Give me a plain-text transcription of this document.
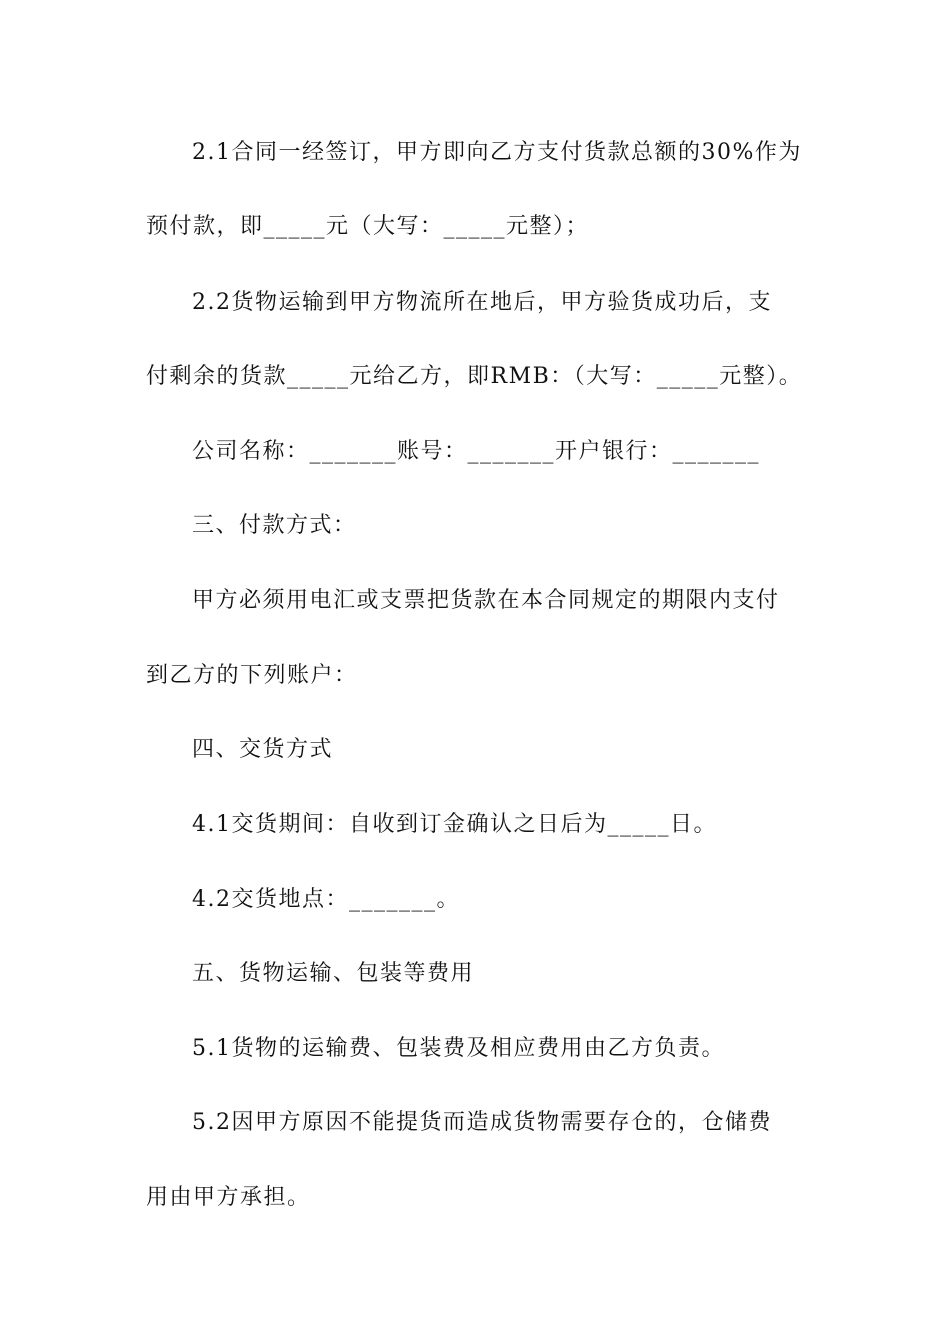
2.1合同一经签订，甲方即向乙方支付货款总额的30%作为
预付款，即_____元（大写：_____元整）；
2.2货物运输到甲方物流所在地后，甲方验货成功后，支
付剩余的货款_____元给乙方，即RMB：（大写：_____元整）。
公司名称：_______账号：_______开户银行：_______
三、付款方式：
甲方必须用电汇或支票把货款在本合同规定的期限内支付
到乙方的下列账户：
四、交货方式
4.1交货期间：自收到订金确认之日后为_____日。
4.2交货地点：_______。
五、货物运输、包装等费用
5.1货物的运输费、包装费及相应费用由乙方负责。
5.2因甲方原因不能提货而造成货物需要存仓的，仓储费
用由甲方承担。
